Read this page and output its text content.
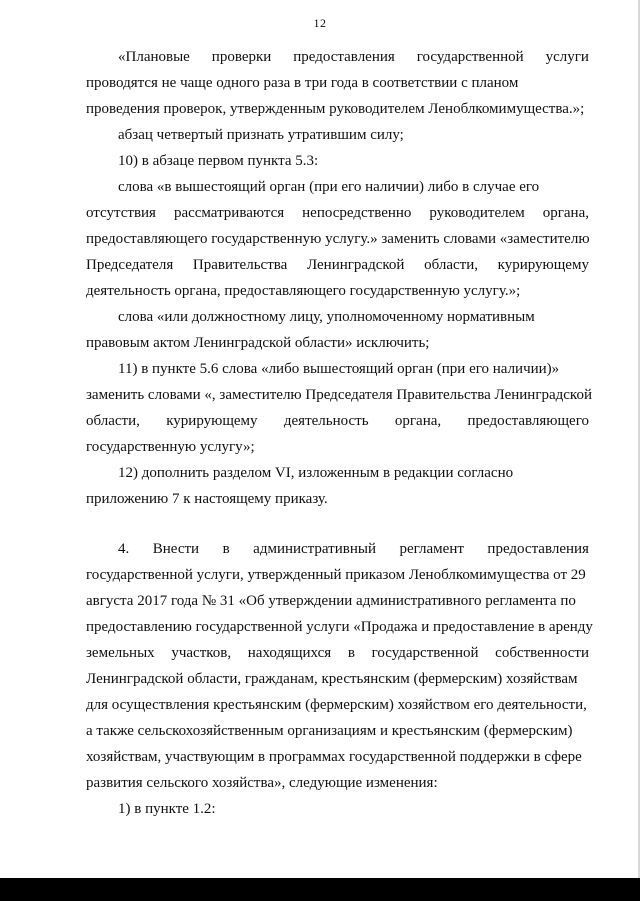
12
«Плановые проверки предоставления государственной услуги
проводятся не чаще одного раза в три года в соответствии с планом
проведения проверок, утвержденным руководителем Леноблкомимущества.»;
абзац четвертый признать утратившим силу;
10) в абзаце первом пункта 5.3:
слова «в вышестоящий орган (при его наличии) либо в случае его
отсутствия рассматриваются непосредственно руководителем органа,
предоставляющего государственную услугу.» заменить словами «заместителю
Председателя Правительства Ленинградской области, курирующему
деятельность органа, предоставляющего государственную услугу.»;
слова «или должностному лицу, уполномоченному нормативным
правовым актом Ленинградской области» исключить;
11) в пункте 5.6 слова «либо вышестоящий орган (при его наличии)»
заменить словами «, заместителю Председателя Правительства Ленинградской
области, курирующему деятельность органа, предоставляющего
государственную услугу»;
12) дополнить разделом VI, изложенным в редакции согласно
приложению 7 к настоящему приказу.
4. Внести в административный регламент предоставления
государственной услуги, утвержденный приказом Леноблкомимущества от 29
августа 2017 года № 31 «Об утверждении административного регламента по
предоставлению государственной услуги «Продажа и предоставление в аренду
земельных участков, находящихся в государственной собственности
Ленинградской области, гражданам, крестьянским (фермерским) хозяйствам
для осуществления крестьянским (фермерским) хозяйством его деятельности,
а также сельскохозяйственным организациям и крестьянским (фермерским)
хозяйствам, участвующим в программах государственной поддержки в сфере
развития сельского хозяйства», следующие изменения:
1) в пункте 1.2:
